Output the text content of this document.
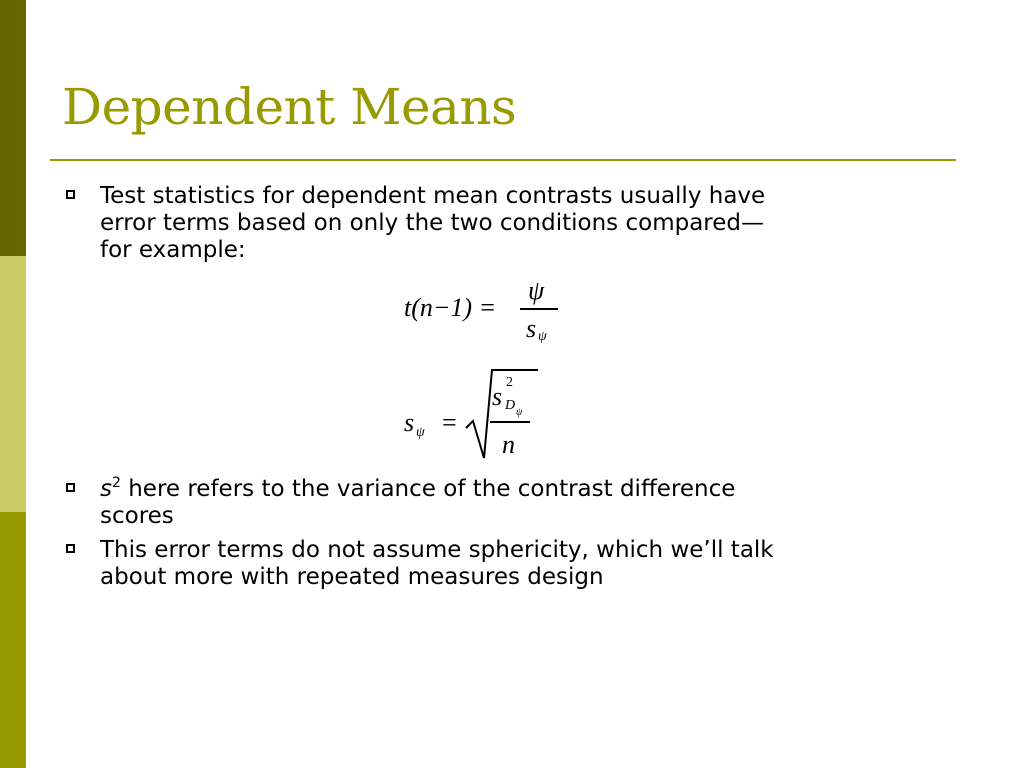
Dependent Means
Test statistics for dependent mean contrasts usually have
error terms based on only the two conditions compared—
for example:
t(n−1) =
ψ
s ψ
s ψ =
s 2
D ψ
n
$s^2$ here refers to the variance of the contrast difference
scores
This error terms do not assume sphericity, which we’ll talk
about more with repeated measures design
